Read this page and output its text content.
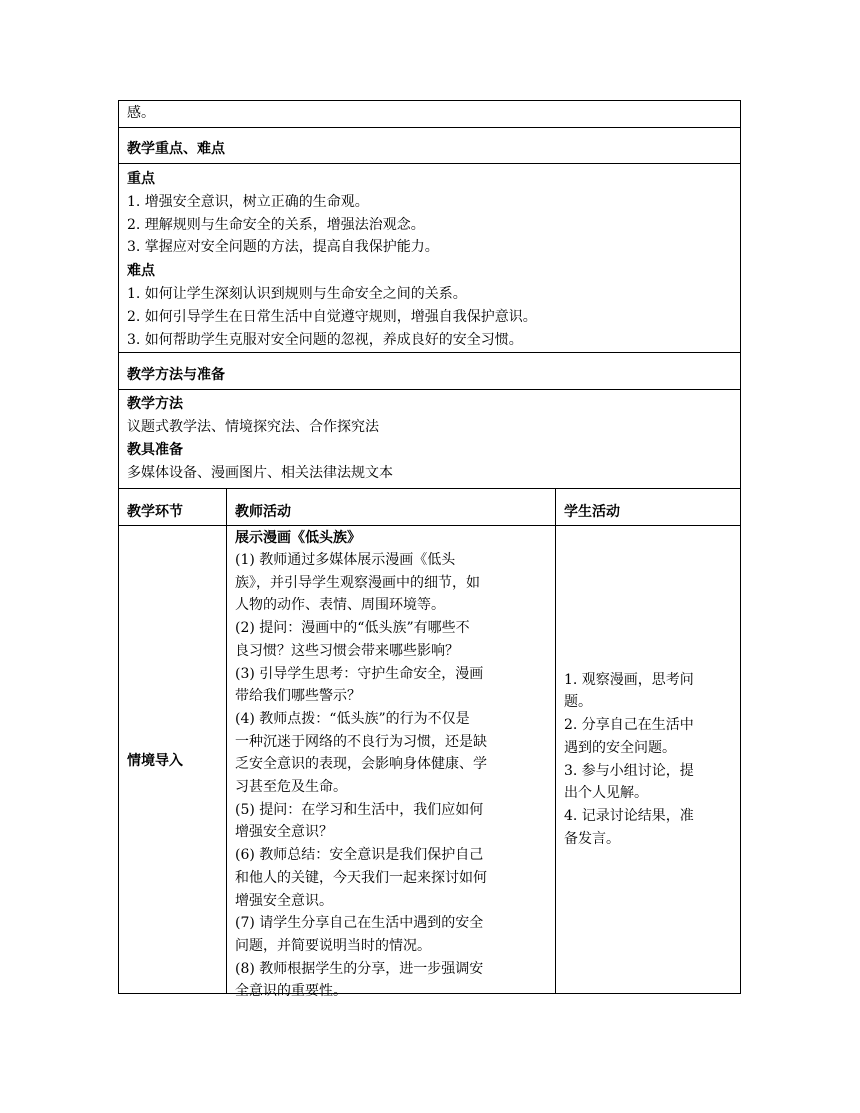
感。
教学重点、难点
重点
1. 增强安全意识，树立正确的生命观。
2. 理解规则与生命安全的关系，增强法治观念。
3. 掌握应对安全问题的方法，提高自我保护能力。
难点
1. 如何让学生深刻认识到规则与生命安全之间的关系。
2. 如何引导学生在日常生活中自觉遵守规则，增强自我保护意识。
3. 如何帮助学生克服对安全问题的忽视，养成良好的安全习惯。
教学方法与准备
教学方法
议题式教学法、情境探究法、合作探究法
教具准备
多媒体设备、漫画图片、相关法律法规文本
教学环节	教师活动	学生活动
情境导入
展示漫画《低头族》
(1) 教师通过多媒体展示漫画《低头
族》，并引导学生观察漫画中的细节，如
人物的动作、表情、周围环境等。
(2) 提问：漫画中的“低头族”有哪些不
良习惯？这些习惯会带来哪些影响？
(3) 引导学生思考：守护生命安全，漫画
带给我们哪些警示？
(4) 教师点拨：“低头族”的行为不仅是
一种沉迷于网络的不良行为习惯，还是缺
乏安全意识的表现，会影响身体健康、学
习甚至危及生命。
(5) 提问：在学习和生活中，我们应如何
增强安全意识？
(6) 教师总结：安全意识是我们保护自己
和他人的关键，今天我们一起来探讨如何
增强安全意识。
(7) 请学生分享自己在生活中遇到的安全
问题，并简要说明当时的情况。
(8) 教师根据学生的分享，进一步强调安
全意识的重要性。
1. 观察漫画，思考问
题。
2. 分享自己在生活中
遇到的安全问题。
3. 参与小组讨论，提
出个人见解。
4. 记录讨论结果，准
备发言。
